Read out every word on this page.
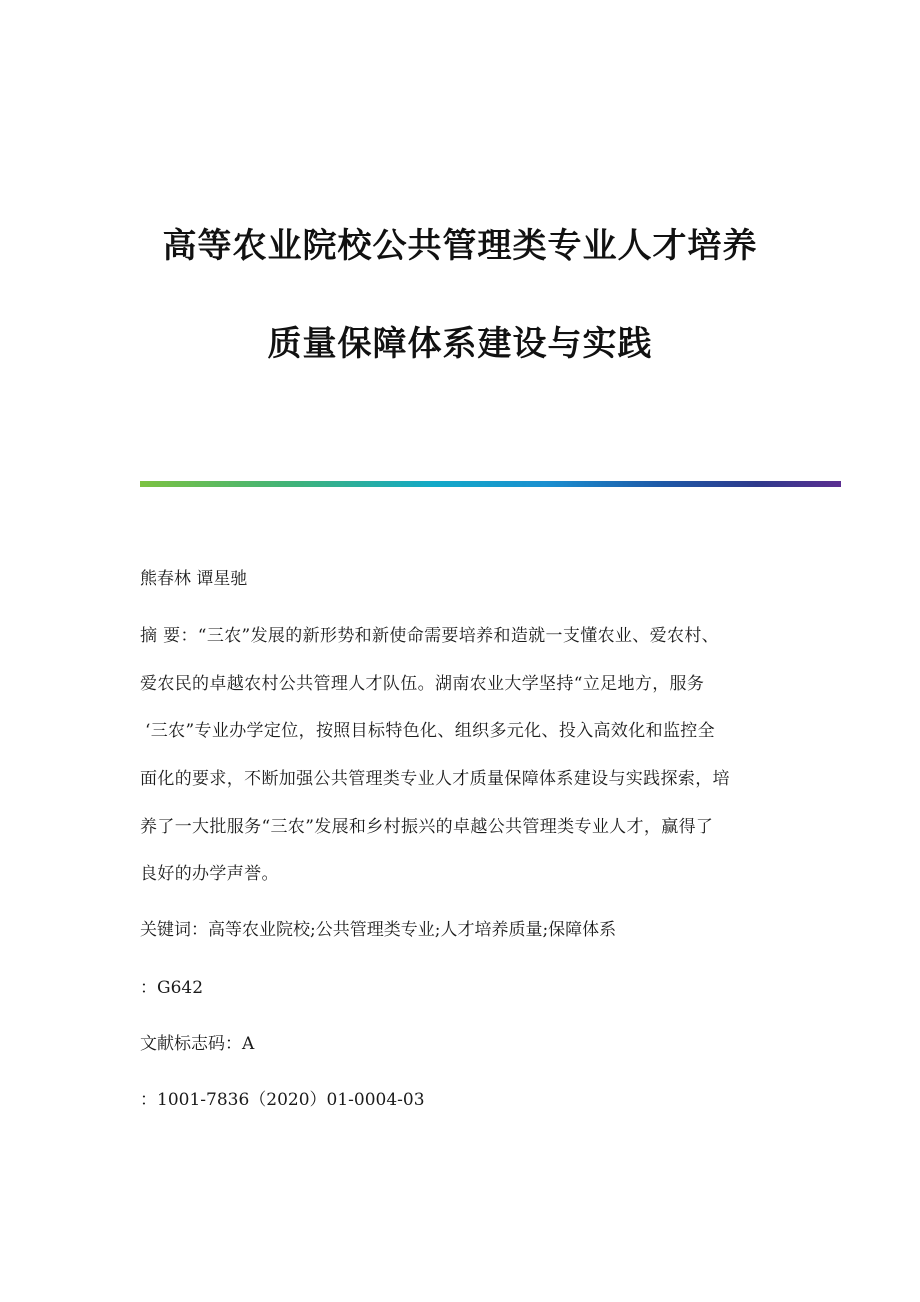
高等农业院校公共管理类专业人才培养
质量保障体系建设与实践
熊春林 谭星驰
摘 要：“三农”发展的新形势和新使命需要培养和造就一支懂农业、爱农村、
爱农民的卓越农村公共管理人才队伍。湖南农业大学坚持“立足地方，服务
‘三农”专业办学定位，按照目标特色化、组织多元化、投入高效化和监控全
面化的要求，不断加强公共管理类专业人才质量保障体系建设与实践探索，培
养了一大批服务“三农”发展和乡村振兴的卓越公共管理类专业人才，赢得了
良好的办学声誉。
关键词：高等农业院校;公共管理类专业;人才培养质量;保障体系
：G642
文献标志码：A
：1001-7836（2020）01-0004-03
